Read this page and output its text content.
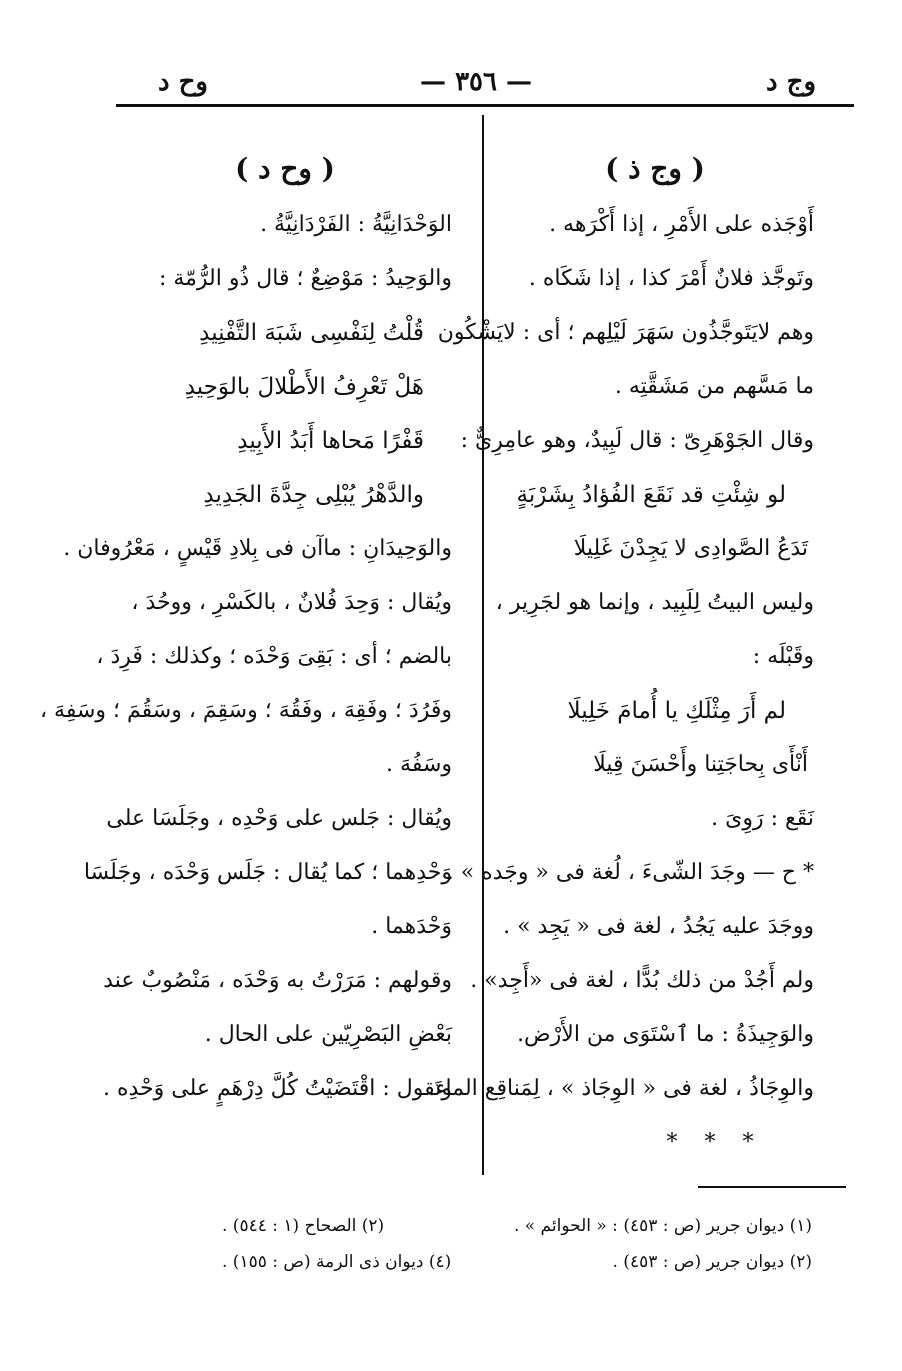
وج د
— ٣٥٦ —
وح د
( وج ذ )
أَوْجَذه على الأَمْرِ ، إذا أَكْرَهه .
وتَوجَّذ فلانٌ أَمْرَ كذا ، إذا شَكَاه .
وهم لايَتَوجَّذُون سَهَرَ لَيْلِهم ؛ أى : لايَشْكُون
ما مَسَّهم من مَشَقَّتِه .
وقال الجَوْهَرِىّ : قال لَبِيدٌ، وهو عامِرِىٌّ :
لو شِئْتِ قد نَقَعَ الفُؤادُ بِشَرْبَةٍ
تَدَعُ الصَّوادِى لا يَجِدْنَ غَلِيلَا
وليس البيتُ لِلَبِيد ، وإنما هو لجَرِير ،
وقَبْلَه :
لم أَرَ مِثْلَكِ يا أُمامَ خَلِيلَا
أَنْأَى بِحاجَتِنا وأَحْسَنَ قِيلَا
نَقَع : رَوِىَ .
* ح — وجَدَ الشّىءَ ، لُغة فى « وجَده » .
ووجَدَ عليه يَجُدُ ، لغة فى « يَجِد » .
ولم أَجُدْ من ذلك بُدًّا ، لغة فى «أَجِد» .
والوَجِيذَةُ : ما ٱسْتَوَى من الأَرْض.
والوِجَاذُ ، لغة فى « الوِجَاذ » ، لِمَناقِع الماء.
* * *
( وح د )
الوَحْدَانِيَّةُ : الفَرْدَانِيَّةُ .
والوَحِيدُ : مَوْضِعٌ ؛ قال ذُو الرُّمّة :
قُلْتُ لِنَفْسِى شَبَهَ التَّفْنِيدِ
هَلْ تَعْرِفُ الأَطْلالَ بالوَحِيدِ
قَفْرًا مَحاها أَبَدُ الأَبِيدِ
والدَّهْرُ يُبْلِى جِدَّةَ الجَدِيدِ
والوَحِيدَانِ : ماآن فى بِلادِ قَيْسٍ ، مَعْرُوفان .
ويُقال : وَحِدَ فُلانٌ ، بالكَسْرِ ، ووحُدَ ،
بالضم ؛ أى : بَقِىَ وَحْدَه ؛ وكذلك : فَرِدَ ،
وفَرُدَ ؛ وفَقِهَ ، وفَقُهَ ؛ وسَقِمَ ، وسَقُمَ ؛ وسَفِهَ ،
وسَفُهَ .
ويُقال : جَلس على وَحْدِه ، وجَلَسَا على
وَحْدِهما ؛ كما يُقال : جَلَس وَحْدَه ، وجَلَسَا
وَحْدَهما .
وقولهم : مَرَرْتُ به وَحْدَه ، مَنْصُوبٌ عند
بَعْضِ البَصْرِيّين على الحال .
وتَقول : اقْتَضَيْتُ كُلَّ دِرْهَمٍ على وَحْدِه .
(١) ديوان جرير (ص : ٤٥٣) : « الحوائم » .
(٢) ديوان جرير (ص : ٤٥٣) .
(٢) الصحاح (١ : ٥٤٤) .
(٤) ديوان ذى الرمة (ص : ١٥٥) .
